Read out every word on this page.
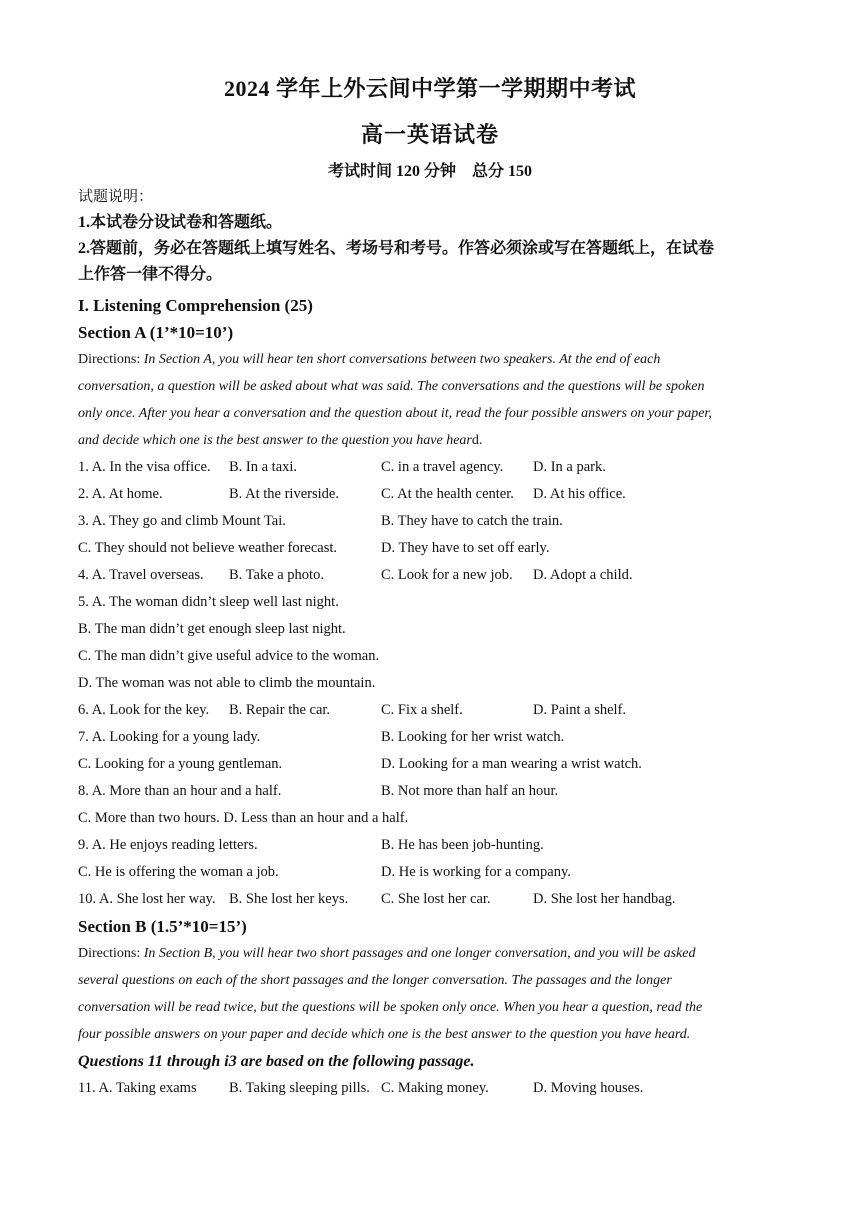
2024 学年上外云间中学第一学期期中考试
高一英语试卷
考试时间 120 分钟 总分 150
试题说明：
1.本试卷分设试卷和答题纸。
2.答题前，务必在答题纸上填写姓名、考场号和考号。作答必须涂或写在答题纸上，在试卷
上作答一律不得分。
I. Listening Comprehension (25)
Section A (1’*10=10’)
Directions: In Section A, you will hear ten short conversations between two speakers. At the end of each
conversation, a question will be asked about what was said. The conversations and the questions will be spoken
only once. After you hear a conversation and the question about it, read the four possible answers on your paper,
and decide which one is the best answer to the question you have heard.
1. A. In the visa office. B. In a taxi.	C. in a travel agency. D. In a park.
2. A. At home.	B. At the riverside.	C. At the health center. D. At his office.
3. A. They go and climb Mount Tai.	B. They have to catch the train.
C. They should not believe weather forecast.	D. They have to set off early.
4. A. Travel overseas. B. Take a photo.	C. Look for a new job. D. Adopt a child.
5. A. The woman didn’t sleep well last night.
B. The man didn’t get enough sleep last night.
C. The man didn’t give useful advice to the woman.
D. The woman was not able to climb the mountain.
6. A. Look for the key. B. Repair the car.	C. Fix a shelf.	D. Paint a shelf.
7. A. Looking for a young lady.	B. Looking for her wrist watch.
C. Looking for a young gentleman.	D. Looking for a man wearing a wrist watch.
8. A. More than an hour and a half.	B. Not more than half an hour.
C. More than two hours. D. Less than an hour and a half.
9. A. He enjoys reading letters.	B. He has been job-hunting.
C. He is offering the woman a job.	D. He is working for a company.
10. A. She lost her way. B. She lost her keys. C. She lost her car.	D. She lost her handbag.
Section B (1.5’*10=15’)
Directions: In Section B, you will hear two short passages and one longer conversation, and you will be asked
several questions on each of the short passages and the longer conversation. The passages and the longer
conversation will be read twice, but the questions will be spoken only once. When you hear a question, read the
four possible answers on your paper and decide which one is the best answer to the question you have heard.
Questions 11 through i3 are based on the following passage.
11. A. Taking exams B. Taking sleeping pills. C. Making money.	D. Moving houses.
